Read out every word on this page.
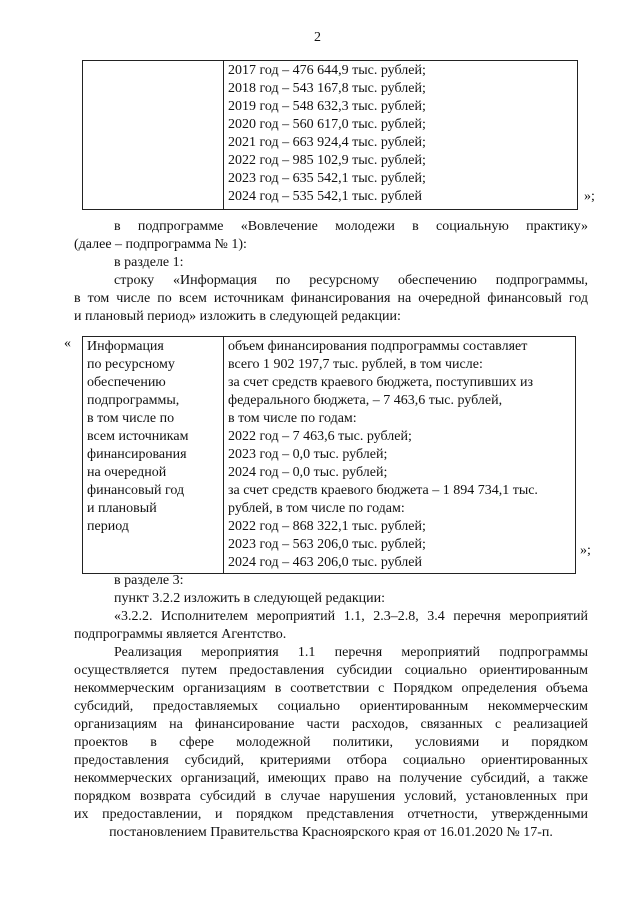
2

2017 год – 476 644,9 тыс. рублей;
2018 год – 543 167,8 тыс. рублей;
2019 год – 548 632,3 тыс. рублей;
2020 год – 560 617,0 тыс. рублей;
2021 год – 663 924,4 тыс. рублей;
2022 год – 985 102,9 тыс. рублей;
2023 год – 635 542,1 тыс. рублей;
2024 год – 535 542,1 тыс. рублей	»;
в подпрограмме «Вовлечение молодежи в социальную практику»
(далее – подпрограмма № 1):
в разделе 1:
строку «Информация по ресурсному обеспечению подпрограммы,
в том числе по всем источникам финансирования на очередной финансовый год
и плановый период» изложить в следующей редакции:
« Информация
по ресурсному
обеспечению
подпрограммы,
в том числе по
всем источникам
финансирования
на очередной
финансовый год
и плановый
период

объем финансирования подпрограммы составляет
всего 1 902 197,7 тыс. рублей, в том числе:
за счет средств краевого бюджета, поступивших из
федерального бюджета, – 7 463,6 тыс. рублей,
в том числе по годам:
2022 год – 7 463,6 тыс. рублей;
2023 год – 0,0 тыс. рублей;
2024 год – 0,0 тыс. рублей;
за счет средств краевого бюджета – 1 894 734,1 тыс.
рублей, в том числе по годам:
2022 год – 868 322,1 тыс. рублей;
2023 год – 563 206,0 тыс. рублей;
2024 год – 463 206,0 тыс. рублей
»;
в разделе 3:
пункт 3.2.2 изложить в следующей редакции:
«3.2.2. Исполнителем мероприятий 1.1, 2.3–2.8, 3.4 перечня мероприятий
подпрограммы является Агентство.
Реализация мероприятия 1.1 перечня мероприятий подпрограммы
осуществляется путем предоставления субсидии социально ориентированным
некоммерческим организациям в соответствии с Порядком определения объема
субсидий, предоставляемых социально ориентированным некоммерческим
организациям на финансирование части расходов, связанных с реализацией
проектов в сфере молодежной политики, условиями и порядком
предоставления субсидий, критериями отбора социально ориентированных
некоммерческих организаций, имеющих право на получение субсидий, а также
порядком возврата субсидий в случае нарушения условий, установленных при
их предоставлении, и порядком представления отчетности, утвержденными
постановлением Правительства Красноярского края от 16.01.2020 № 17-п.
